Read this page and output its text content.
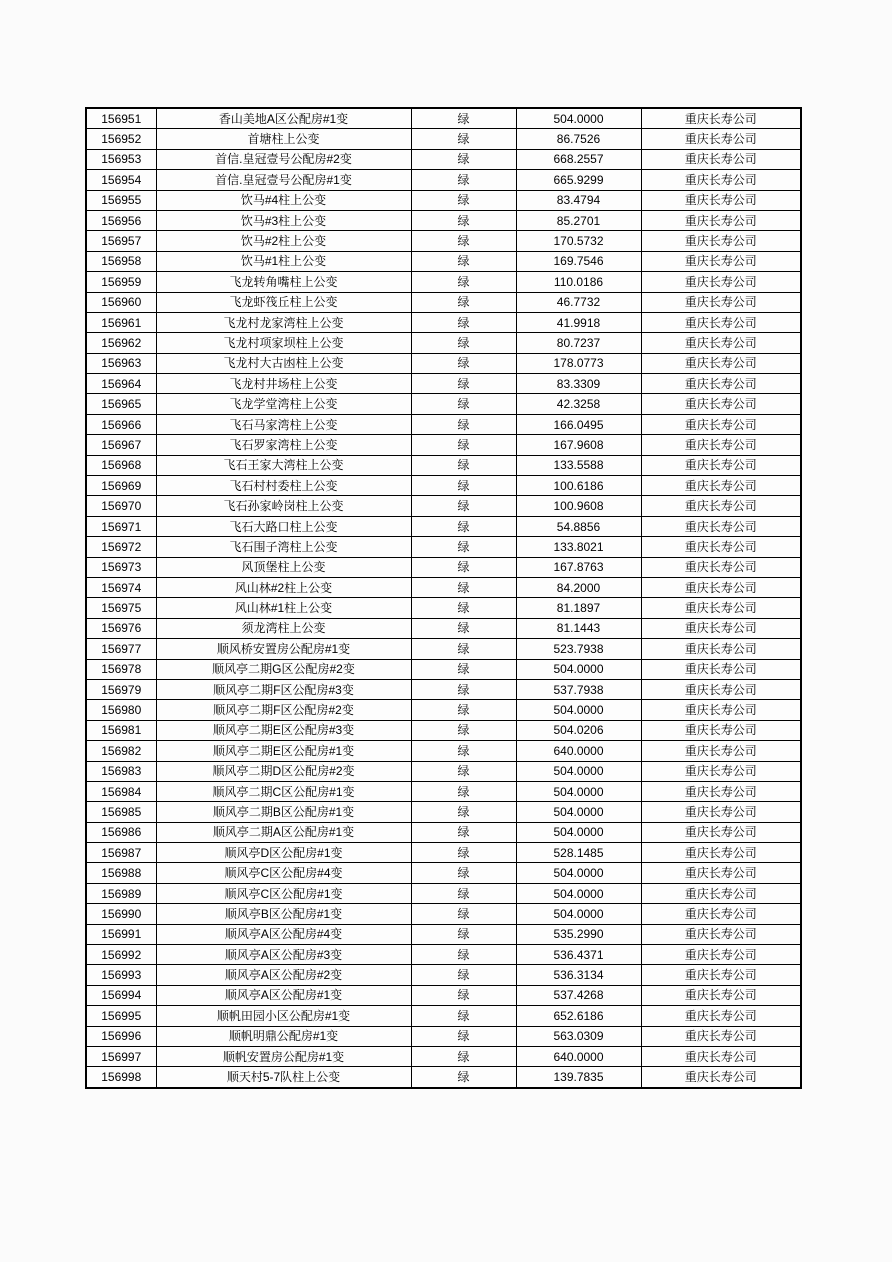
156951	香山美地A区公配房#1变	绿	504.0000	重庆长寿公司
156952	首塘柱上公变	绿	86.7526	重庆长寿公司
156953	首信.皇冠壹号公配房#2变	绿	668.2557	重庆长寿公司
156954	首信.皇冠壹号公配房#1变	绿	665.9299	重庆长寿公司
156955	饮马#4柱上公变	绿	83.4794	重庆长寿公司
156956	饮马#3柱上公变	绿	85.2701	重庆长寿公司
156957	饮马#2柱上公变	绿	170.5732	重庆长寿公司
156958	饮马#1柱上公变	绿	169.7546	重庆长寿公司
156959	飞龙转角嘴柱上公变	绿	110.0186	重庆长寿公司
156960	飞龙虾筏丘柱上公变	绿	46.7732	重庆长寿公司
156961	飞龙村龙家湾柱上公变	绿	41.9918	重庆长寿公司
156962	飞龙村项家坝柱上公变	绿	80.7237	重庆长寿公司
156963	飞龙村大古凼柱上公变	绿	178.0773	重庆长寿公司
156964	飞龙村井场柱上公变	绿	83.3309	重庆长寿公司
156965	飞龙学堂湾柱上公变	绿	42.3258	重庆长寿公司
156966	飞石马家湾柱上公变	绿	166.0495	重庆长寿公司
156967	飞石罗家湾柱上公变	绿	167.9608	重庆长寿公司
156968	飞石王家大湾柱上公变	绿	133.5588	重庆长寿公司
156969	飞石村村委柱上公变	绿	100.6186	重庆长寿公司
156970	飞石孙家岭岗柱上公变	绿	100.9608	重庆长寿公司
156971	飞石大路口柱上公变	绿	54.8856	重庆长寿公司
156972	飞石围子湾柱上公变	绿	133.8021	重庆长寿公司
156973	风顶堡柱上公变	绿	167.8763	重庆长寿公司
156974	风山林#2柱上公变	绿	84.2000	重庆长寿公司
156975	风山林#1柱上公变	绿	81.1897	重庆长寿公司
156976	须龙湾柱上公变	绿	81.1443	重庆长寿公司
156977	顺风桥安置房公配房#1变	绿	523.7938	重庆长寿公司
156978	顺风亭二期G区公配房#2变	绿	504.0000	重庆长寿公司
156979	顺风亭二期F区公配房#3变	绿	537.7938	重庆长寿公司
156980	顺风亭二期F区公配房#2变	绿	504.0000	重庆长寿公司
156981	顺风亭二期E区公配房#3变	绿	504.0206	重庆长寿公司
156982	顺风亭二期E区公配房#1变	绿	640.0000	重庆长寿公司
156983	顺风亭二期D区公配房#2变	绿	504.0000	重庆长寿公司
156984	顺风亭二期C区公配房#1变	绿	504.0000	重庆长寿公司
156985	顺风亭二期B区公配房#1变	绿	504.0000	重庆长寿公司
156986	顺风亭二期A区公配房#1变	绿	504.0000	重庆长寿公司
156987	顺风亭D区公配房#1变	绿	528.1485	重庆长寿公司
156988	顺风亭C区公配房#4变	绿	504.0000	重庆长寿公司
156989	顺风亭C区公配房#1变	绿	504.0000	重庆长寿公司
156990	顺风亭B区公配房#1变	绿	504.0000	重庆长寿公司
156991	顺风亭A区公配房#4变	绿	535.2990	重庆长寿公司
156992	顺风亭A区公配房#3变	绿	536.4371	重庆长寿公司
156993	顺风亭A区公配房#2变	绿	536.3134	重庆长寿公司
156994	顺风亭A区公配房#1变	绿	537.4268	重庆长寿公司
156995	顺帆田园小区公配房#1变	绿	652.6186	重庆长寿公司
156996	顺帆明鼎公配房#1变	绿	563.0309	重庆长寿公司
156997	顺帆安置房公配房#1变	绿	640.0000	重庆长寿公司
156998	顺天村5-7队柱上公变	绿	139.7835	重庆长寿公司
